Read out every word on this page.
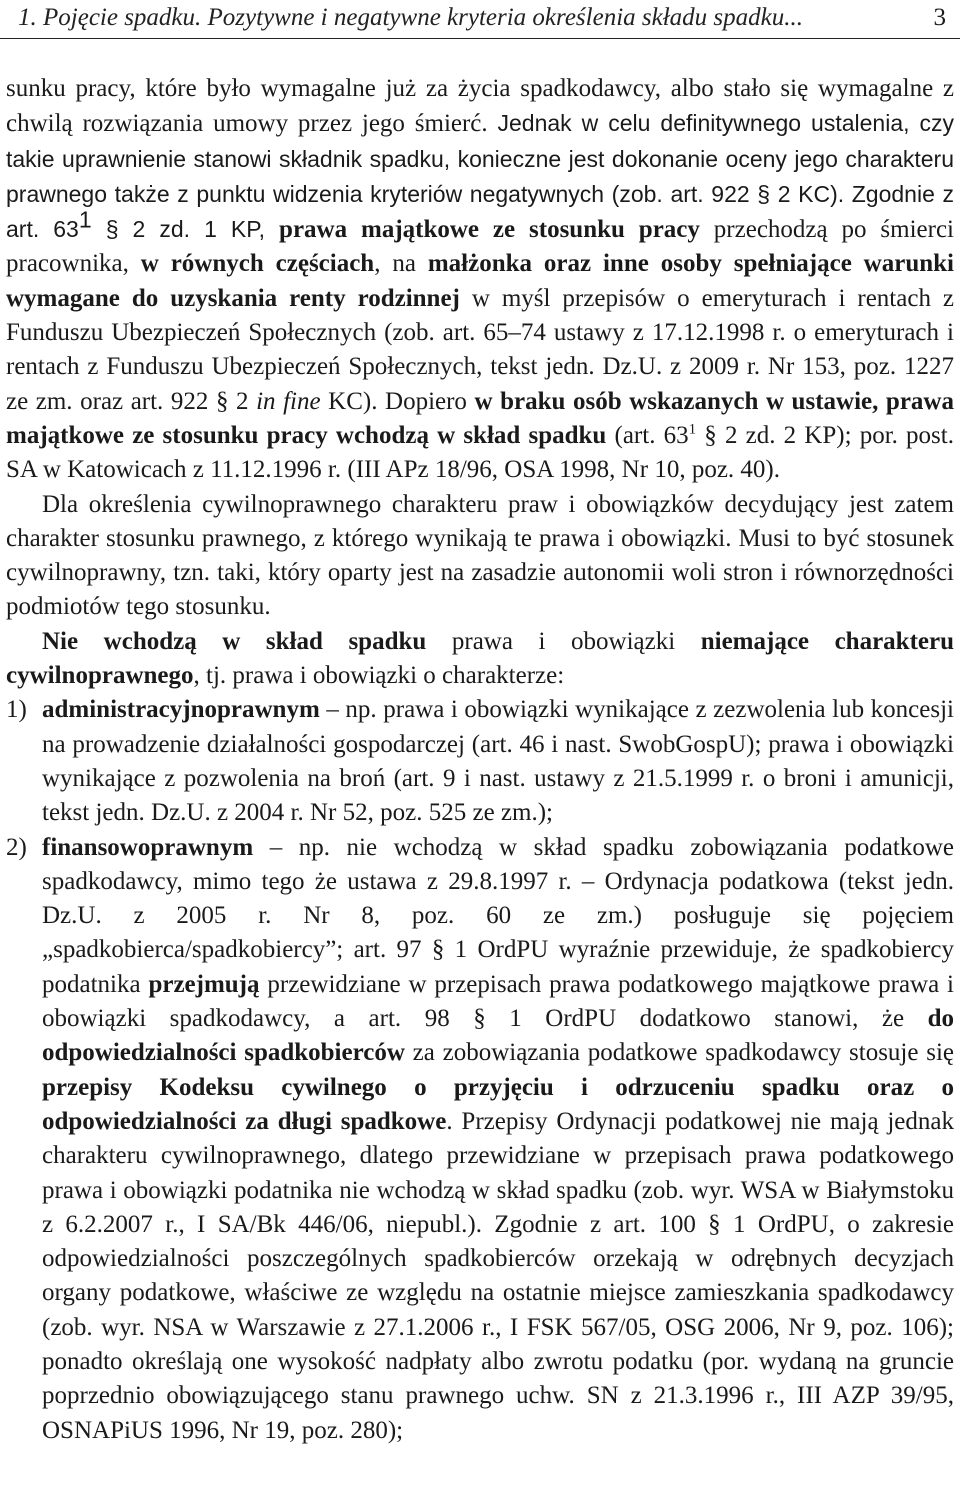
1. Pojęcie spadku. Pozytywne i negatywne kryteria określenia składu spadku...	3

sunku pracy, które było wymagalne już za życia spadkodawcy, albo stało się wymagalne z chwilą rozwiązania umowy przez jego śmierć. Jednak w celu definitywnego ustalenia, czy takie uprawnienie stanowi składnik spadku, konieczne jest dokonanie oceny jego charakteru prawnego także z punktu widzenia kryteriów negatywnych (zob. art. 922 § 2 KC). Zgodnie z art. $63^1$ § 2 zd. 1 KP, prawa majątkowe ze stosunku pracy przechodzą po śmierci pracownika, w równych częściach, na małżonka oraz inne osoby spełniające warunki wymagane do uzyskania renty rodzinnej w myśl przepisów o emeryturach i rentach z Funduszu Ubezpieczeń Społecznych (zob. art. 65–74 ustawy z 17.12.1998 r. o emeryturach i rentach z Funduszu Ubezpieczeń Społecznych, tekst jedn. Dz.U. z 2009 r. Nr 153, poz. 1227 ze zm. oraz art. 922 § 2 in fine KC). Dopiero w braku osób wskazanych w ustawie, prawa majątkowe ze stosunku pracy wchodzą w skład spadku (art. $63^1$ § 2 zd. 2 KP); por. post. SA w Katowicach z 11.12.1996 r. (III APz 18/96, OSA 1998, Nr 10, poz. 40).

Dla określenia cywilnoprawnego charakteru praw i obowiązków decydujący jest zatem charakter stosunku prawnego, z którego wynikają te prawa i obowiązki. Musi to być stosunek cywilnoprawny, tzn. taki, który oparty jest na zasadzie autonomii woli stron i równorzędności podmiotów tego stosunku.

Nie wchodzą w skład spadku prawa i obowiązki niemające charakteru cywilnoprawnego, tj. prawa i obowiązki o charakterze:

1) administracyjnoprawnym – np. prawa i obowiązki wynikające z zezwolenia lub koncesji na prowadzenie działalności gospodarczej (art. 46 i nast. SwobGospU); prawa i obowiązki wynikające z pozwolenia na broń (art. 9 i nast. ustawy z 21.5.1999 r. o broni i amunicji, tekst jedn. Dz.U. z 2004 r. Nr 52, poz. 525 ze zm.);
2) finansowoprawnym – np. nie wchodzą w skład spadku zobowiązania podatkowe spadkodawcy, mimo tego że ustawa z 29.8.1997 r. – Ordynacja podatkowa (tekst jedn. Dz.U. z 2005 r. Nr 8, poz. 60 ze zm.) posługuje się pojęciem „spadkobierca/spadkobiercy”; art. 97 § 1 OrdPU wyraźnie przewiduje, że spadkobiercy podatnika przejmują przewidziane w przepisach prawa podatkowego majątkowe prawa i obowiązki spadkodawcy, a art. 98 § 1 OrdPU dodatkowo stanowi, że do odpowiedzialności spadkobierców za zobowiązania podatkowe spadkodawcy stosuje się przepisy Kodeksu cywilnego o przyjęciu i odrzuceniu spadku oraz o odpowiedzialności za długi spadkowe. Przepisy Ordynacji podatkowej nie mają jednak charakteru cywilnoprawnego, dlatego przewidziane w przepisach prawa podatkowego prawa i obowiązki podatnika nie wchodzą w skład spadku (zob. wyr. WSA w Białymstoku z 6.2.2007 r., I SA/Bk 446/06, niepubl.). Zgodnie z art. 100 § 1 OrdPU, o zakresie odpowiedzialności poszczególnych spadkobierców orzekają w odrębnych decyzjach organy podatkowe, właściwe ze względu na ostatnie miejsce zamieszkania spadkodawcy (zob. wyr. NSA w Warszawie z 27.1.2006 r., I FSK 567/05, OSG 2006, Nr 9, poz. 106); ponadto określają one wysokość nadpłaty albo zwrotu podatku (por. wydaną na gruncie poprzednio obowiązującego stanu prawnego uchw. SN z 21.3.1996 r., III AZP 39/95, OSNAPiUS 1996, Nr 19, poz. 280);
